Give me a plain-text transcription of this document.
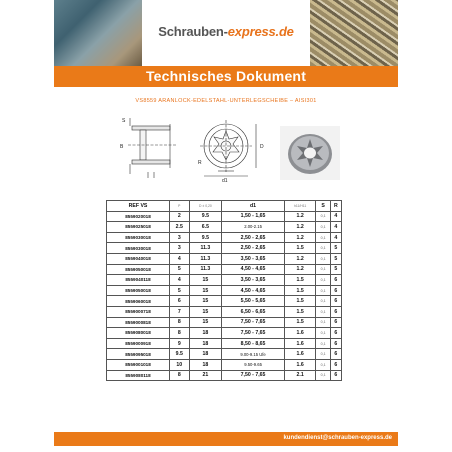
Schrauben-express.de
Technisches Dokument
VS8559 ARANLOCK-EDELSTAHL-UNTERLEGSCHEIBE – AISI301
S
B	D
R
d1
REF VS	P	D ± 0,20	d1	h11/H11	S	R
8559020018	2	9.5	1,50 - 1,65	1.2	0,1	4
8559025018	2.5	6.5	2.00-2.15	1.2	0,1	4
8559030018	3	9.5	2,50 - 2,65	1.2	0,1	4
8559030018	3	11.3	2,50 - 2,65	1.5	0,1	5
8559040018	4	11.3	3,50 - 3,65	1.2	0,1	5
8559050018	5	11.3	4,50 - 4,65	1.2	0,1	5
8559040118	4	15	3,50 - 3,65	1.5	0,1	6
8559050018	5	15	4,50 - 4,65	1.5	0,1	6
8559060018	6	15	5,50 - 5,65	1.5	0,1	6
8559000718	7	15	6,50 - 6,65	1.5	0,1	6
8559000818	8	15	7,50 - 7,65	1.5	0,1	6
8559080018	8	18	7,50 - 7,65	1.6	0,1	6
8559000918	9	18	8,50 - 8,65	1.6	0,1	6
8559095018	9.5	18	9.00-9.15 Ufe	1.6	0,1	6
8559001018	10	18	9.50-9.65	1.6	0,1	6
8559080118	8	21	7,50 - 7,65	2.1	0,1	6
kundendienst@schrauben-express.de
